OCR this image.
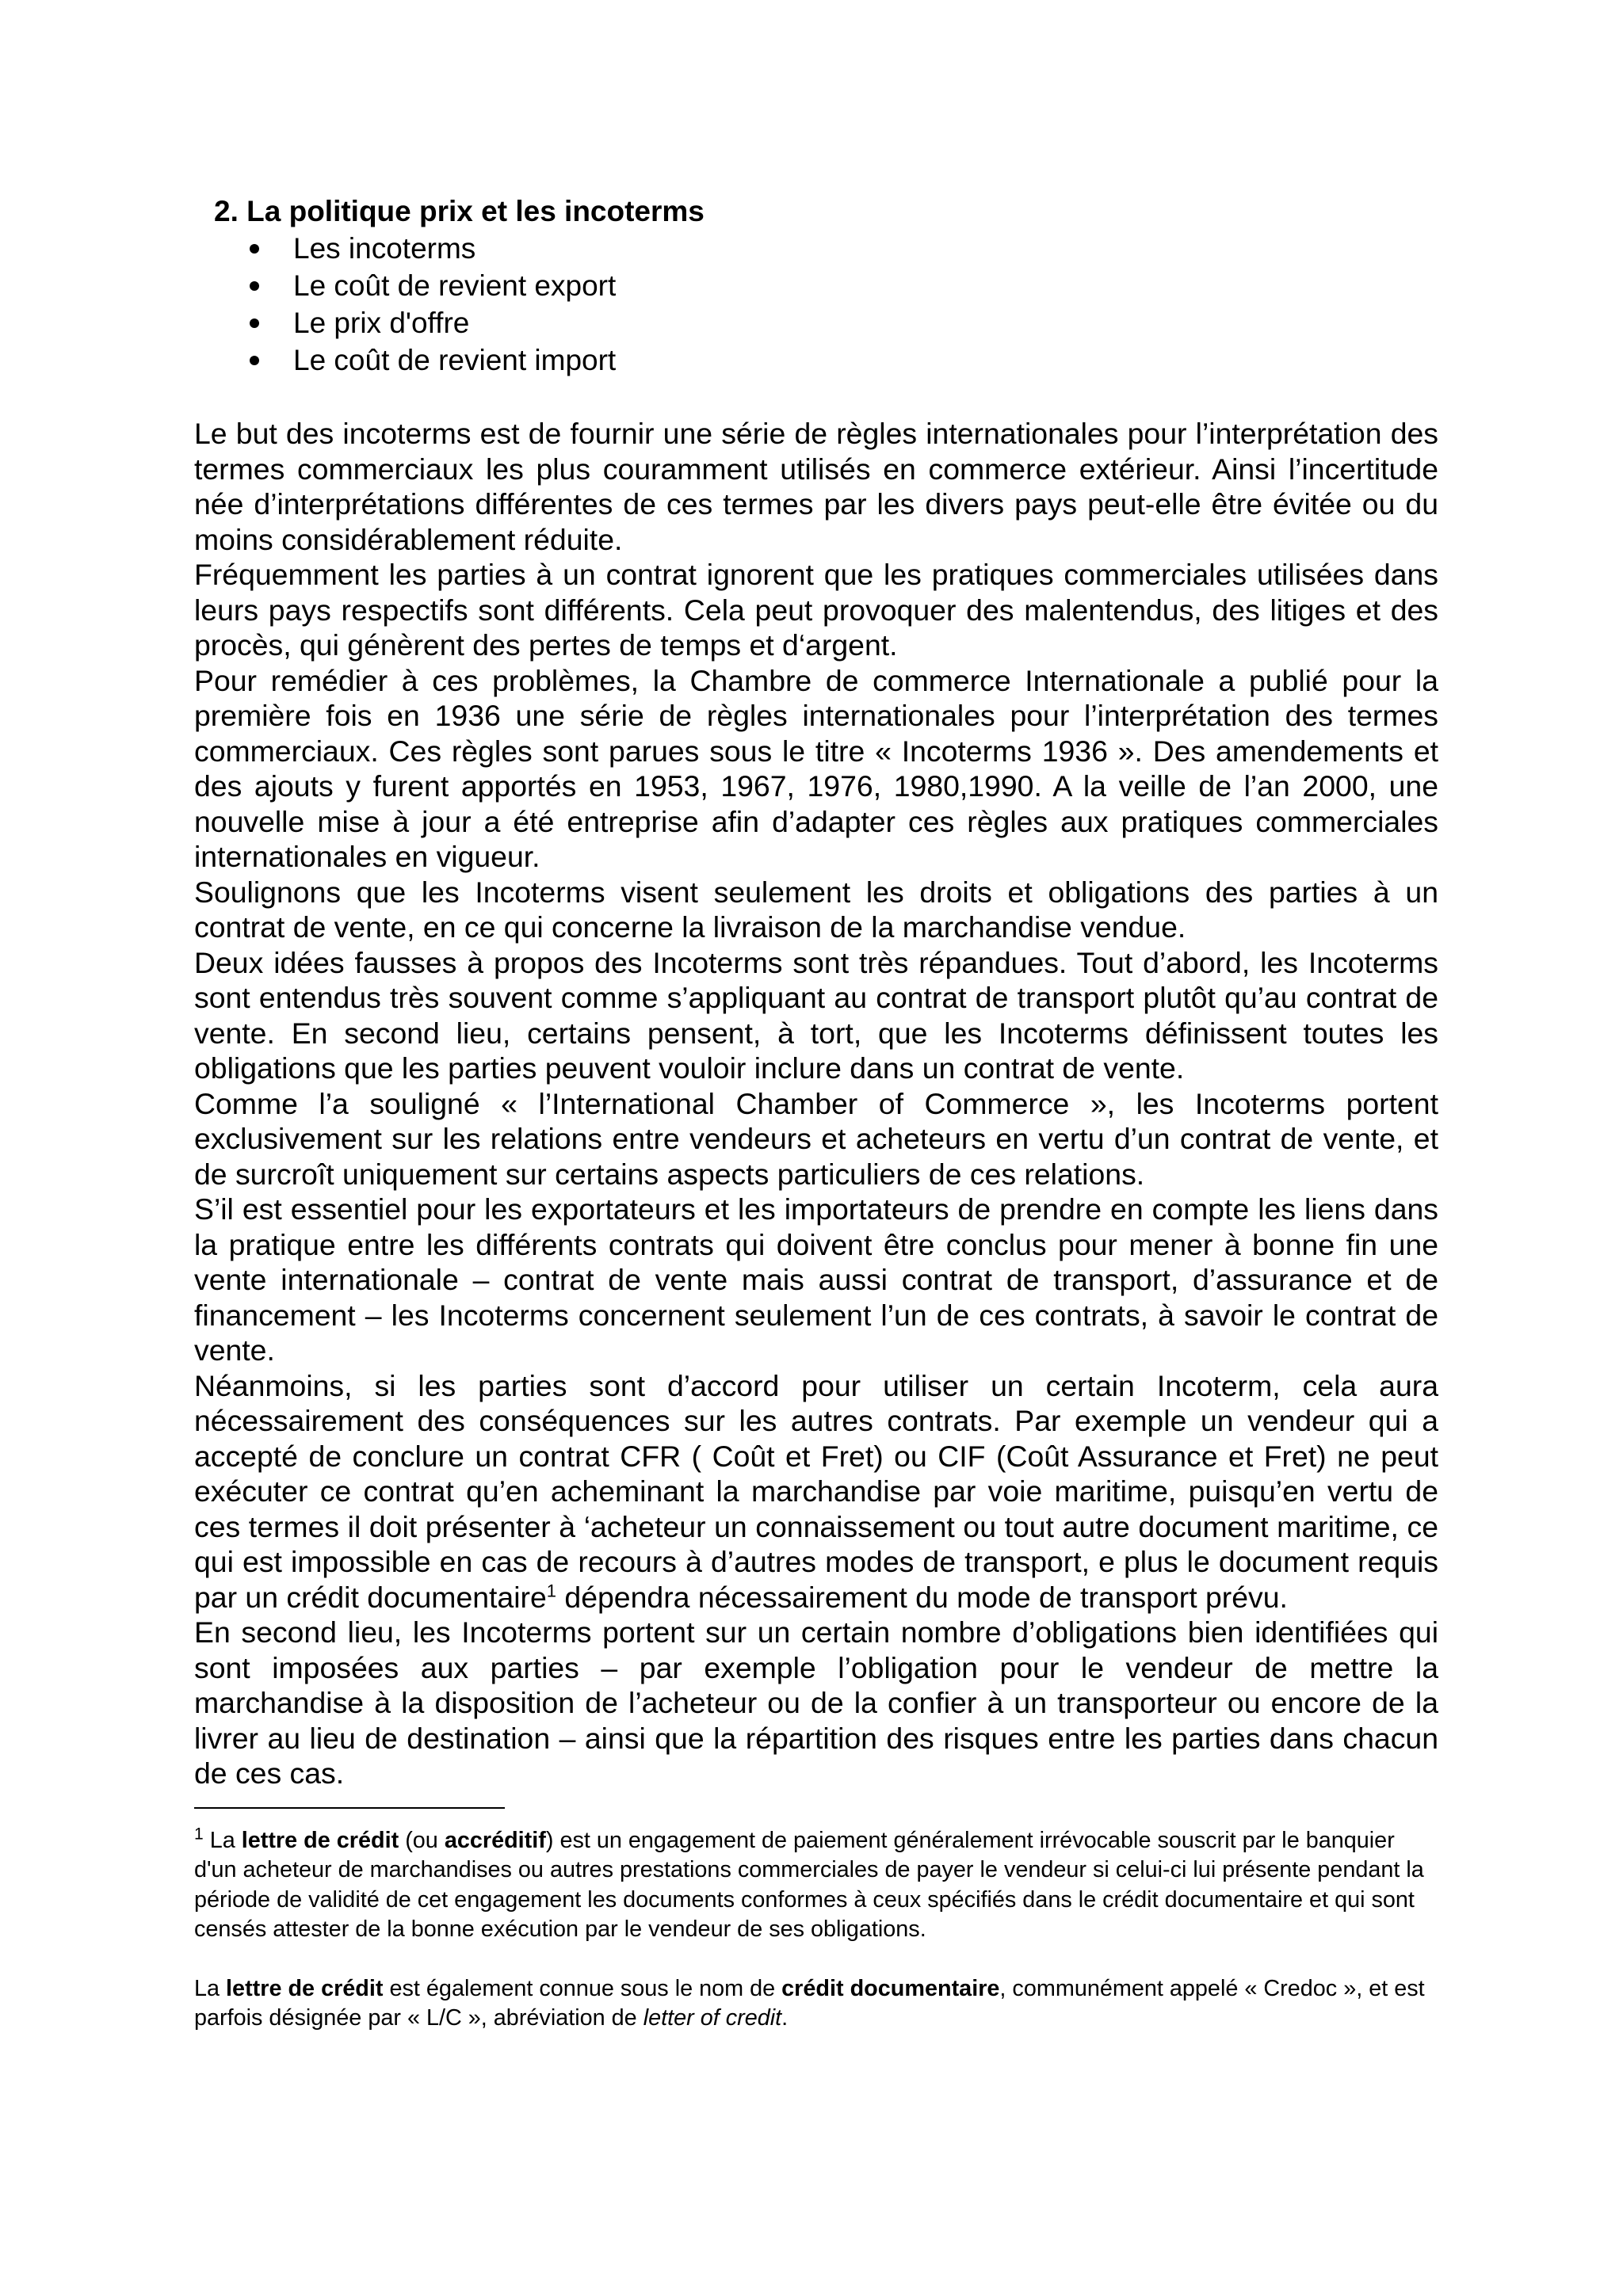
2. La politique prix et les incoterms
Les incoterms
Le coût de revient export
Le prix d'offre
Le coût de revient import

Le but des incoterms est de fournir une série de règles internationales pour l’interprétation des termes commerciaux les plus couramment utilisés en commerce extérieur. Ainsi l’incertitude née d’interprétations différentes de ces termes par les divers pays peut-elle être évitée ou du moins considérablement réduite.

Fréquemment les parties à un contrat ignorent que les pratiques commerciales utilisées dans leurs pays respectifs sont différents. Cela peut provoquer des malentendus, des litiges et des procès, qui génèrent des pertes de temps et d‘argent.

Pour remédier à ces problèmes, la Chambre de commerce Internationale a publié pour la première fois en 1936 une série de règles internationales pour l’interprétation des termes commerciaux. Ces règles sont parues sous le titre « Incoterms 1936 ». Des amendements et des ajouts y furent apportés en 1953, 1967, 1976, 1980,1990. A la veille de l’an 2000, une nouvelle mise à jour a été entreprise afin d’adapter ces règles aux pratiques commerciales internationales en vigueur.

Soulignons que les Incoterms visent seulement les droits et obligations des parties à un contrat de vente, en ce qui concerne la livraison de la marchandise vendue.

Deux idées fausses à propos des Incoterms sont très répandues. Tout d’abord, les Incoterms sont entendus très souvent comme s’appliquant au contrat de transport plutôt qu’au contrat de vente. En second lieu, certains pensent, à tort, que les Incoterms définissent toutes les obligations que les parties peuvent vouloir inclure dans un contrat de vente.

Comme l’a souligné « l’International Chamber of Commerce », les Incoterms portent exclusivement sur les relations entre vendeurs et acheteurs en vertu d’un contrat de vente, et de surcroît uniquement sur certains aspects particuliers de ces relations.

S’il est essentiel pour les exportateurs et les importateurs de prendre en compte les liens dans la pratique entre les différents contrats qui doivent être conclus pour mener à bonne fin une vente internationale – contrat de vente mais aussi contrat de transport, d’assurance et de financement – les Incoterms concernent seulement l’un de ces contrats, à savoir le contrat de vente.

Néanmoins, si les parties sont d’accord pour utiliser un certain Incoterm, cela aura nécessairement des conséquences sur les autres contrats. Par exemple un vendeur qui a accepté de conclure un contrat CFR ( Coût et Fret) ou CIF (Coût Assurance et Fret) ne peut exécuter ce contrat qu’en acheminant la marchandise par voie maritime, puisqu’en vertu de ces termes il doit présenter à ‘acheteur un connaissement ou tout autre document maritime, ce qui est impossible en cas de recours à d’autres modes de transport, e plus le document requis par un crédit documentaire$^1$ dépendra nécessairement du mode de transport prévu.

En second lieu, les Incoterms portent sur un certain nombre d’obligations bien identifiées qui sont imposées aux parties – par exemple l’obligation pour le vendeur de mettre la marchandise à la disposition de l’acheteur ou de la confier à un transporteur ou encore de la livrer au lieu de destination – ainsi que la répartition des risques entre les parties dans chacun de ces cas.

$^1$ La lettre de crédit (ou accréditif) est un engagement de paiement généralement irrévocable souscrit par le banquier d'un acheteur de marchandises ou autres prestations commerciales de payer le vendeur si celui-ci lui présente pendant la période de validité de cet engagement les documents conformes à ceux spécifiés dans le crédit documentaire et qui sont censés attester de la bonne exécution par le vendeur de ses obligations.

La lettre de crédit est également connue sous le nom de crédit documentaire, communément appelé « Credoc », et est parfois désignée par « L/C », abréviation de letter of credit.
